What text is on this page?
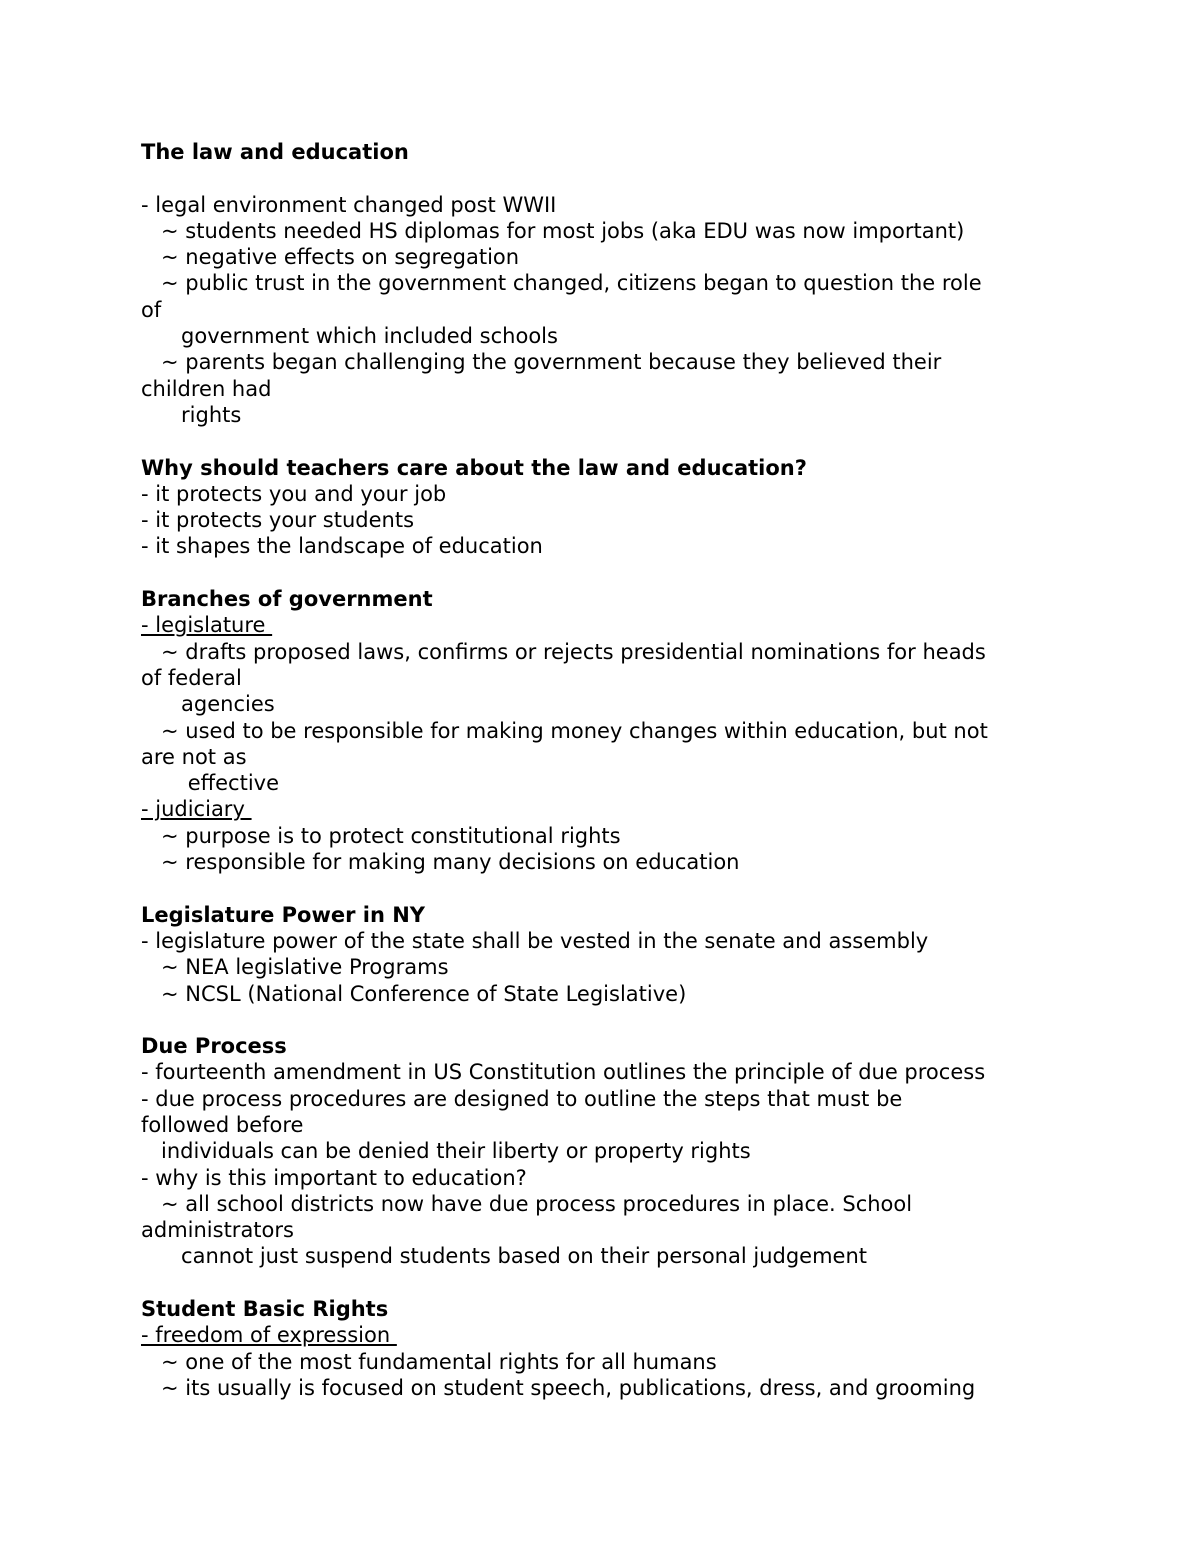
The law and education
- legal environment changed post WWII
~ students needed HS diplomas for most jobs (aka EDU was now important)
~ negative effects on segregation
~ public trust in the government changed, citizens began to question the role
of
government which included schools
~ parents began challenging the government because they believed their
children had
rights
Why should teachers care about the law and education?
- it protects you and your job
- it protects your students
- it shapes the landscape of education
Branches of government
- legislature
~ drafts proposed laws, confirms or rejects presidential nominations for heads
of federal
agencies
~ used to be responsible for making money changes within education, but not
are not as
effective
- judiciary
~ purpose is to protect constitutional rights
~ responsible for making many decisions on education
Legislature Power in NY
- legislature power of the state shall be vested in the senate and assembly
~ NEA legislative Programs
~ NCSL (National Conference of State Legislative)
Due Process
- fourteenth amendment in US Constitution outlines the principle of due process
- due process procedures are designed to outline the steps that must be
followed before
individuals can be denied their liberty or property rights
- why is this important to education?
~ all school districts now have due process procedures in place. School
administrators
cannot just suspend students based on their personal judgement
Student Basic Rights
- freedom of expression
~ one of the most fundamental rights for all humans
~ its usually is focused on student speech, publications, dress, and grooming
